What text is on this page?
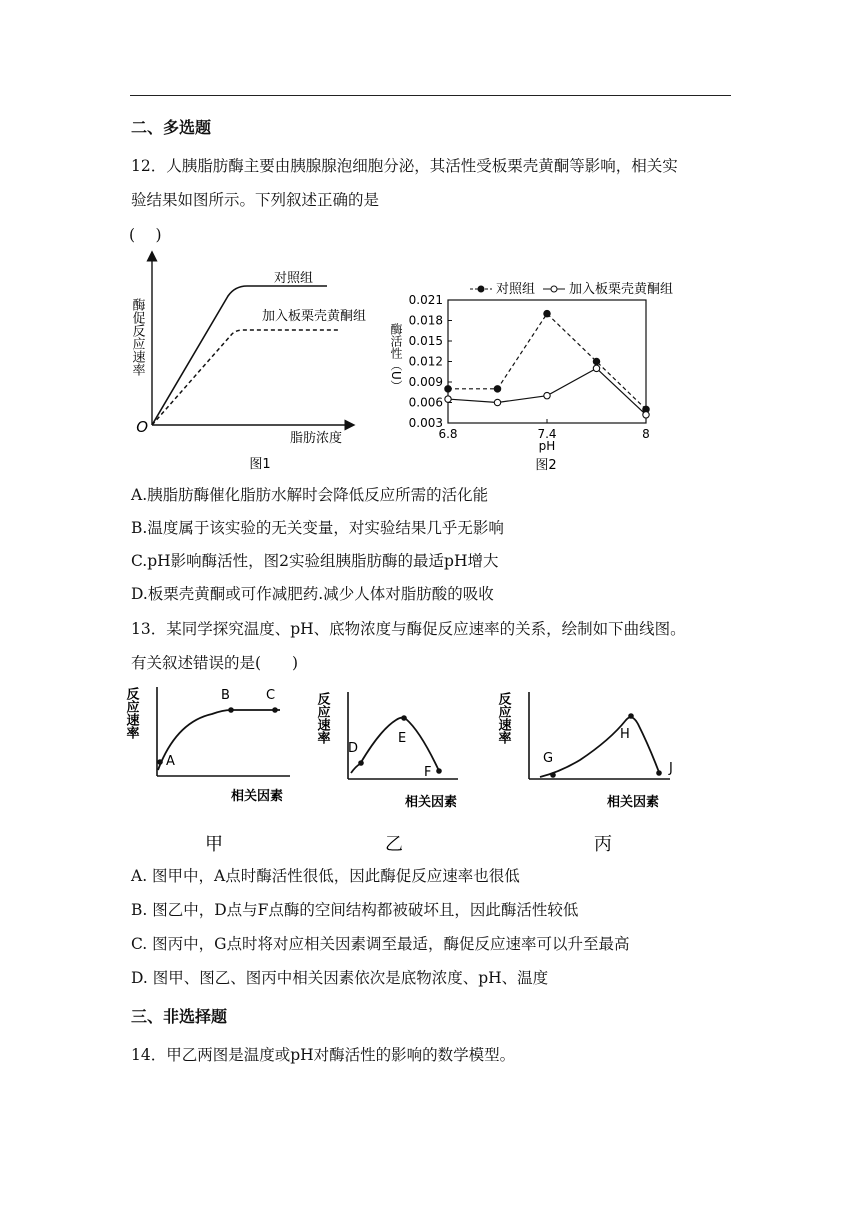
二、多选题
12．人胰脂肪酶主要由胰腺腺泡细胞分泌，其活性受板栗壳黄酮等影响，相关实
验结果如图所示。下列叙述正确的是
(　 )
对照组
加入板栗壳黄酮组
O
脂肪浓度
酶促反应速率
图1
0.003
0.006
0.009
0.012
0.015
0.018
0.021
6.8	7.4	8
对照组	加入板栗壳黄酮组
酶活性（U）
pH
图2
A.胰脂肪酶催化脂肪水解时会降低反应所需的活化能
B.温度属于该实验的无关变量，对实验结果几乎无影响
C.pH影响酶活性，图2实验组胰脂肪酶的最适pH增大
D.板栗壳黄酮或可作减肥药.减少人体对脂肪酸的吸收
13．某同学探究温度、pH、底物浓度与酶促反应速率的关系，绘制如下曲线图。
有关叙述错误的是(　　)
A
B	C
反应速率
相关因素
甲
D
E
F
反应速率
相关因素
乙
G
H
J
反应速率
相关因素
丙
A. 图甲中，A点时酶活性很低，因此酶促反应速率也很低
B. 图乙中，D点与F点酶的空间结构都被破坏且，因此酶活性较低
C. 图丙中，G点时将对应相关因素调至最适，酶促反应速率可以升至最高
D. 图甲、图乙、图丙中相关因素依次是底物浓度、pH、温度
三、非选择题
14．甲乙两图是温度或pH对酶活性的影响的数学模型。
